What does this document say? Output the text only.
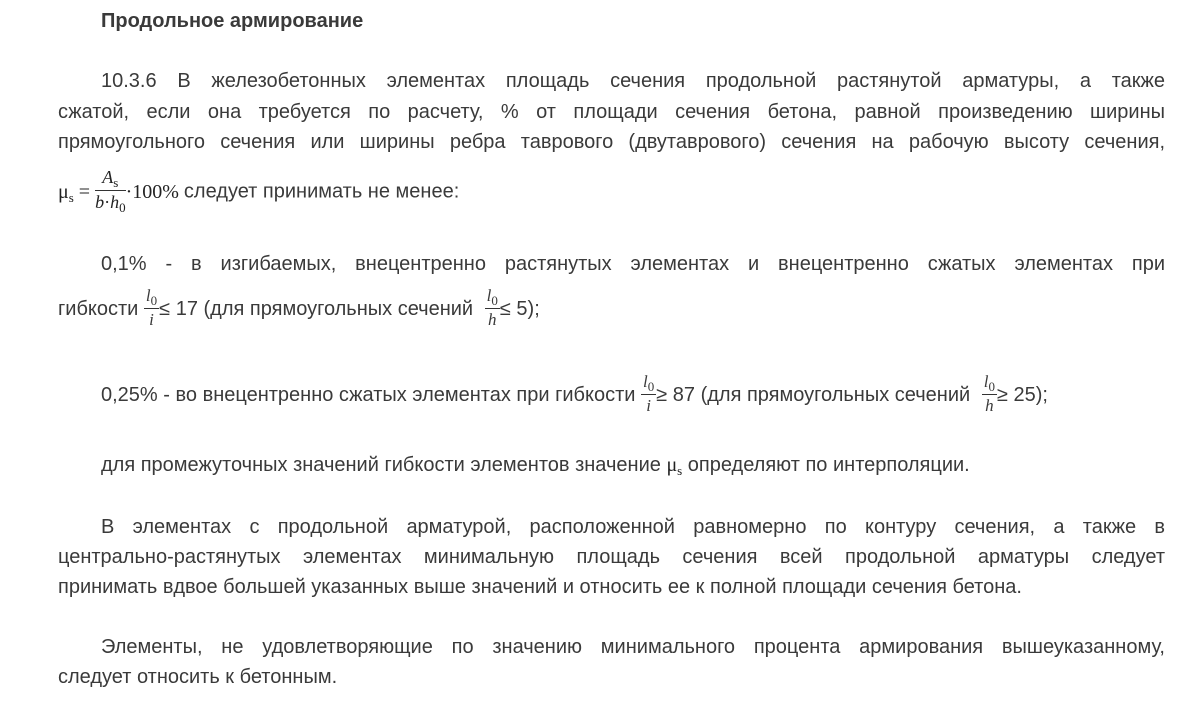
Продольное армирование
10.3.6 В железобетонных элементах площадь сечения продольной растянутой арматуры, а также
сжатой, если она требуется по расчету, % от площади сечения бетона, равной произведению ширины
прямоугольного сечения или ширины ребра таврового (двутаврового) сечения на рабочую высоту сечения,
$\mu_s = \frac{A_s}{b\cdot h_0} \cdot 100\%$ следует принимать не менее:
0,1% - в изгибаемых, внецентренно растянутых элементах и внецентренно сжатых элементах при
гибкости $\frac{l_0}{i} \le 17$ (для прямоугольных сечений $\frac{l_0}{h} \le 5$);
0,25% - во внецентренно сжатых элементах при гибкости $\frac{l_0}{i} \ge 87$ (для прямоугольных сечений $\frac{l_0}{h} \ge 25$);
для промежуточных значений гибкости элементов значение $\mu_s$ определяют по интерполяции.
В элементах с продольной арматурой, расположенной равномерно по контуру сечения, а также в
центрально-растянутых элементах минимальную площадь сечения всей продольной арматуры следует
принимать вдвое большей указанных выше значений и относить ее к полной площади сечения бетона.
Элементы, не удовлетворяющие по значению минимального процента армирования вышеуказанному,
следует относить к бетонным.
